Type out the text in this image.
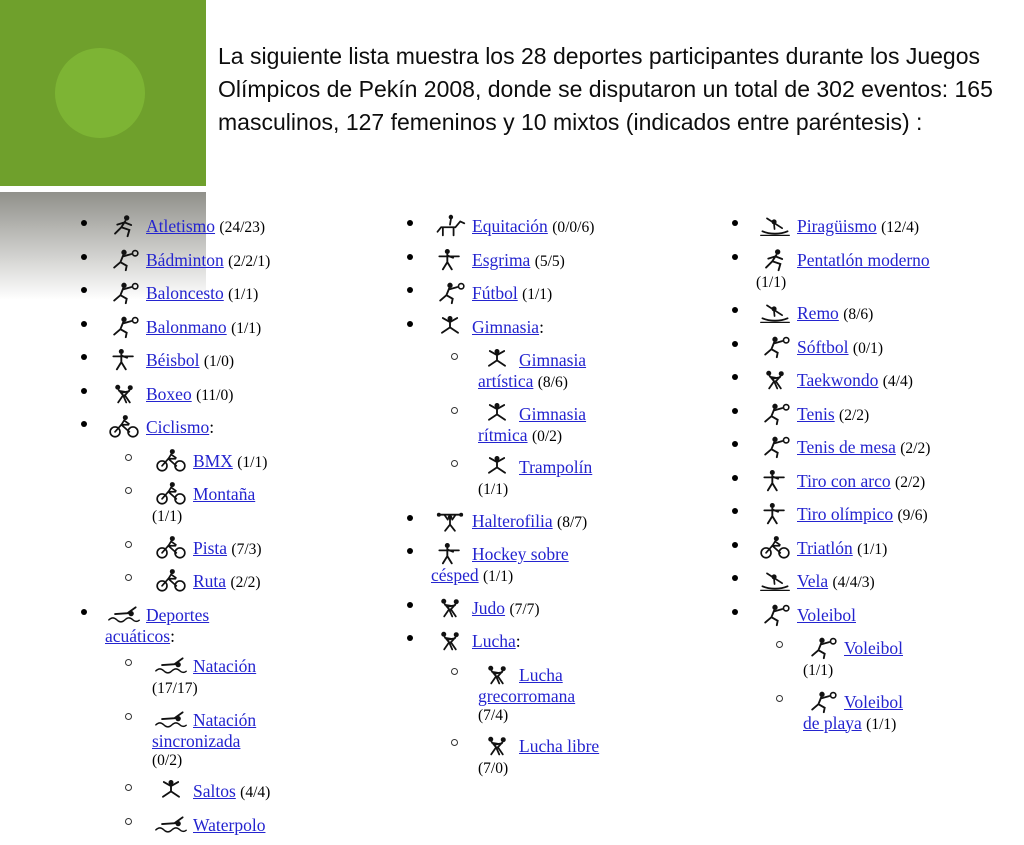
La siguiente lista muestra los 28 deportes participantes durante los Juegos Olímpicos de Pekín 2008, donde se disputaron un total de 302 eventos: 165 masculinos, 127 femeninos y 10 mixtos (indicados entre paréntesis) :
Atletismo (24/23)
Bádminton (2/2/1)
Baloncesto (1/1)
Balonmano (1/1)
Béisbol (1/0)
Boxeo (11/0)
Ciclismo:
BMX (1/1)
Montaña
(1/1)
Pista (7/3)
Ruta (2/2)
Deportes
acuáticos:
Natación
(17/17)
Natación
sincronizada
(0/2)
Saltos (4/4)
Waterpolo
Equitación (0/0/6)
Esgrima (5/5)
Fútbol (1/1)
Gimnasia:
Gimnasia
artística (8/6)
Gimnasia
rítmica (0/2)
Trampolín
(1/1)
Halterofilia (8/7)
Hockey sobre
césped (1/1)
Judo (7/7)
Lucha:
Lucha
grecorromana
(7/4)
Lucha libre
(7/0)
Piragüismo (12/4)
Pentatlón moderno
(1/1)
Remo (8/6)
Sóftbol (0/1)
Taekwondo (4/4)
Tenis (2/2)
Tenis de mesa (2/2)
Tiro con arco (2/2)
Tiro olímpico (9/6)
Triatlón (1/1)
Vela (4/4/3)
Voleibol
Voleibol
(1/1)
Voleibol
de playa (1/1)
